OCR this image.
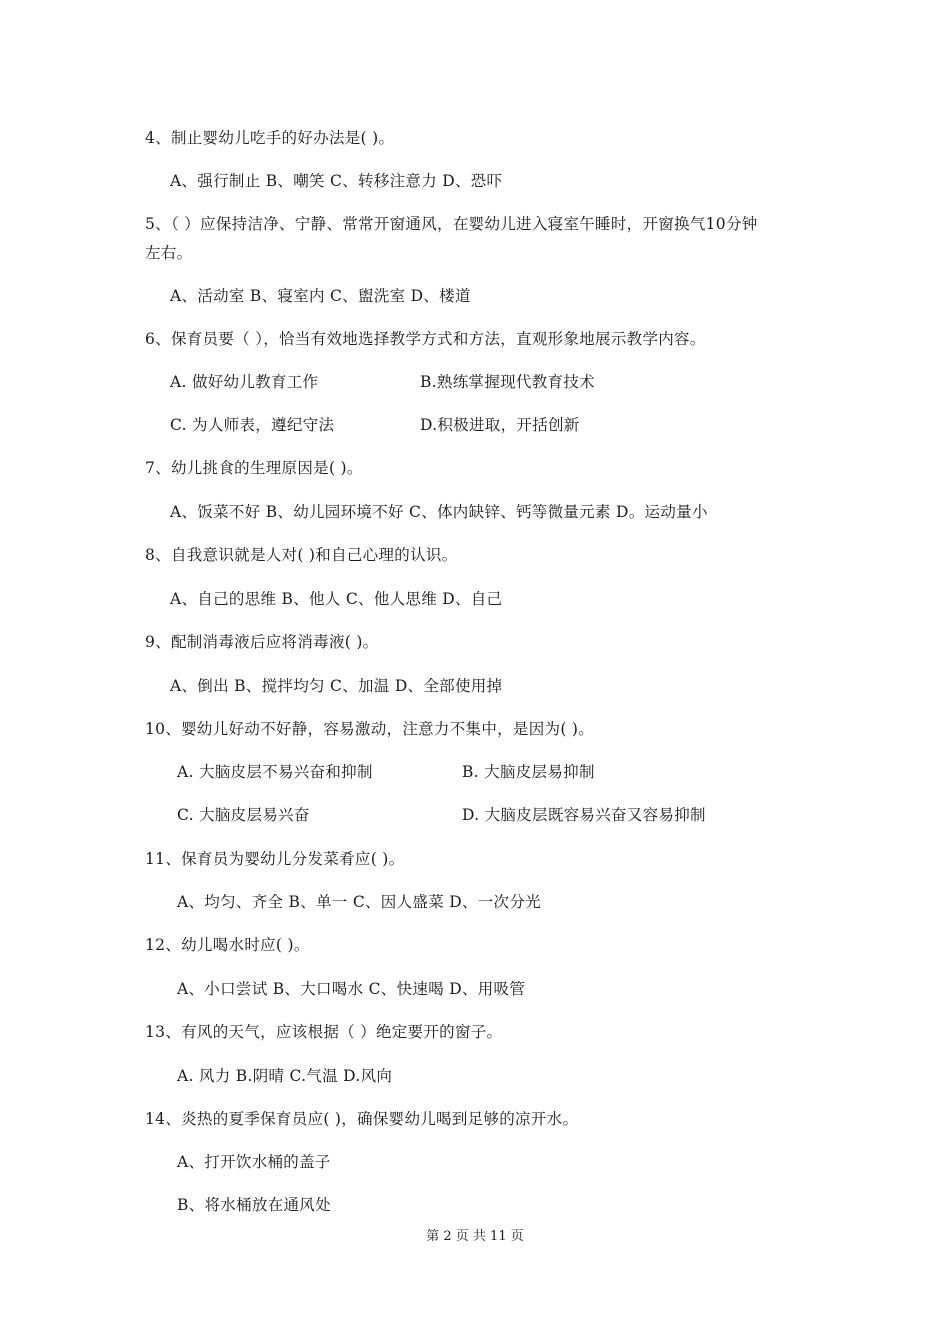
4、制止婴幼儿吃手的好办法是( )。
A、强行制止 B、嘲笑 C、转移注意力 D、恐吓
5、（ ）应保持洁净、宁静、常常开窗通风，在婴幼儿进入寝室午睡时，开窗换气10分钟
左右。
A、活动室 B、寝室内 C、盥洗室 D、楼道
6、保育员要（ ），恰当有效地选择教学方式和方法，直观形象地展示教学内容。
A. 做好幼儿教育工作	B.熟练掌握现代教育技术
C. 为人师表，遵纪守法	D.积极进取，开括创新
7、幼儿挑食的生理原因是( )。
A、饭菜不好 B、幼儿园环境不好 C、体内缺锌、钙等微量元素 D。运动量小
8、自我意识就是人对( )和自己心理的认识。
A、自己的思维 B、他人 C、他人思维 D、自己
9、配制消毒液后应将消毒液( )。
A、倒出 B、搅拌均匀 C、加温 D、全部使用掉
10、婴幼儿好动不好静，容易激动，注意力不集中，是因为( )。
A. 大脑皮层不易兴奋和抑制	B. 大脑皮层易抑制
C. 大脑皮层易兴奋	D. 大脑皮层既容易兴奋又容易抑制
11、保育员为婴幼儿分发菜肴应( )。
A、均匀、齐全 B、单一 C、因人盛菜 D、一次分光
12、幼儿喝水时应( )。
A、小口尝试 B、大口喝水 C、快速喝 D、用吸管
13、有风的天气，应该根据（ ）绝定要开的窗子。
A. 风力 B.阴晴 C.气温 D.风向
14、炎热的夏季保育员应( )，确保婴幼儿喝到足够的凉开水。
A、打开饮水桶的盖子
B、将水桶放在通风处
第 2 页 共 11 页
